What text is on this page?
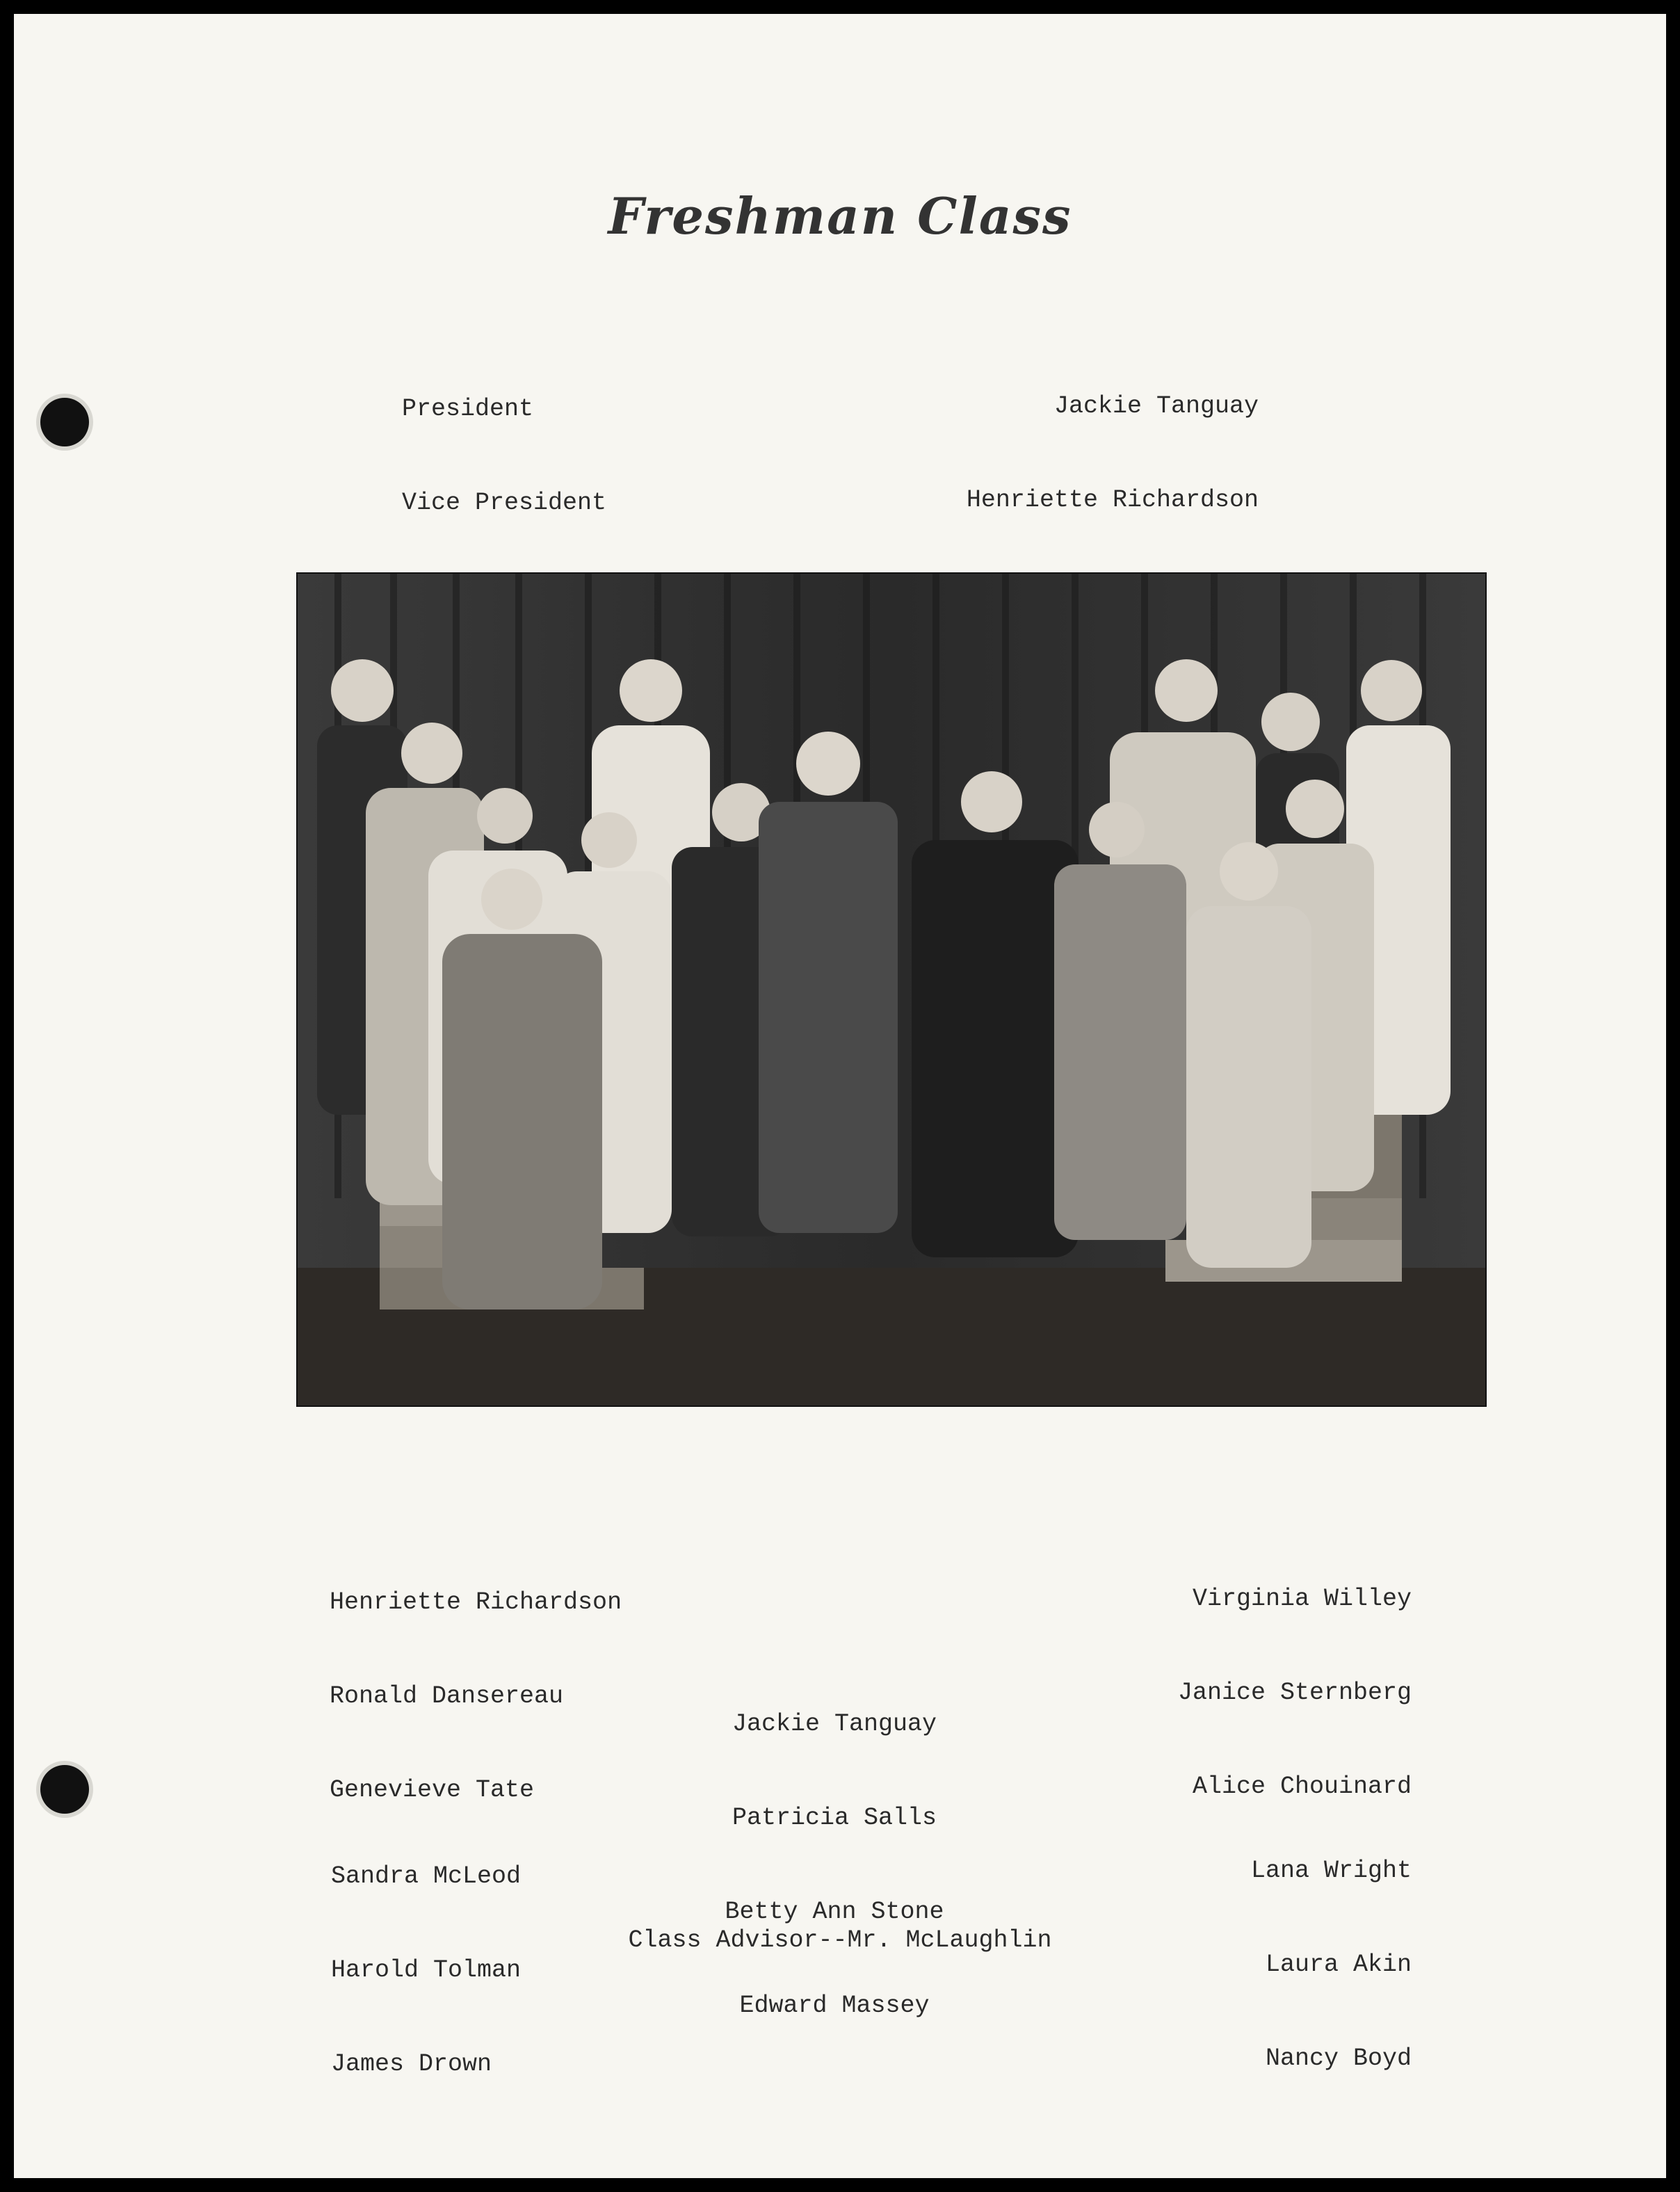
Freshman Class

President

Vice President

Jackie Tanguay

Henriette Richardson

Henriette Richardson

Ronald Dansereau

Genevieve Tate

Virginia Willey

Janice Sternberg

Alice Chouinard

Jackie Tanguay

Patricia Salls

Betty Ann Stone

Edward Massey

Sandra McLeod

Harold Tolman

James Drown

Lana Wright

Laura Akin

Nancy Boyd

Class Advisor--Mr. McLaughlin
